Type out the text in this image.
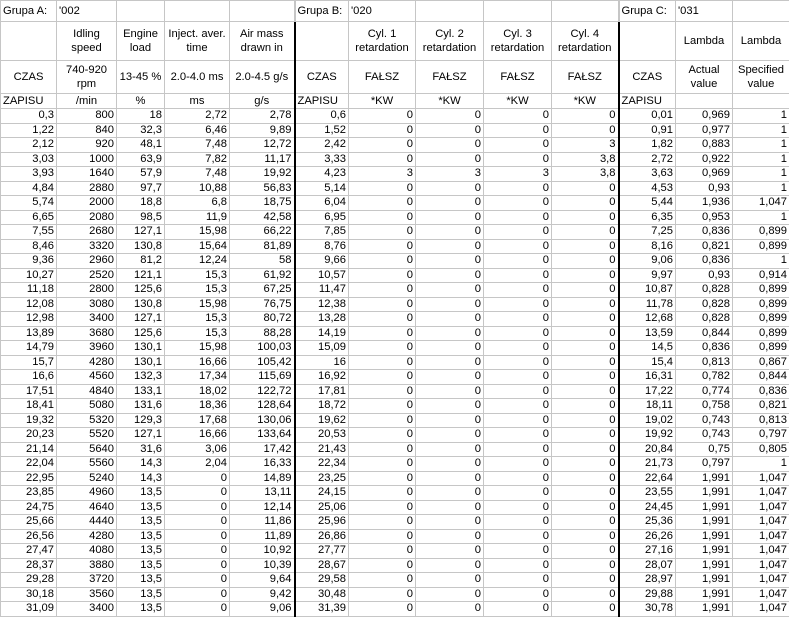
Grupa A:	'002				Grupa B:	'020				Grupa C:	'031	
	Idling speed	Engine load	Inject. aver. time	Air mass drawn in		Cyl. 1 retardation	Cyl. 2 retardation	Cyl. 3 retardation	Cyl. 4 retardation		Lambda	Lambda
CZAS	740-920 rpm	13-45 %	2.0-4.0 ms	2.0-4.5 g/s	CZAS	FAŁSZ	FAŁSZ	FAŁSZ	FAŁSZ	CZAS	Actual value	Specified value
ZAPISU	/min	%	ms	g/s	ZAPISU	*KW	*KW	*KW	*KW	ZAPISU		
0,3	800	18	2,72	2,78	0,6	0	0	0	0	0,01	0,969	1
1,22	840	32,3	6,46	9,89	1,52	0	0	0	0	0,91	0,977	1
2,12	920	48,1	7,48	12,72	2,42	0	0	0	3	1,82	0,883	1
3,03	1000	63,9	7,82	11,17	3,33	0	0	0	3,8	2,72	0,922	1
3,93	1640	57,9	7,48	19,92	4,23	3	3	3	3,8	3,63	0,969	1
4,84	2880	97,7	10,88	56,83	5,14	0	0	0	0	4,53	0,93	1
5,74	2000	18,8	6,8	18,75	6,04	0	0	0	0	5,44	1,936	1,047
6,65	2080	98,5	11,9	42,58	6,95	0	0	0	0	6,35	0,953	1
7,55	2680	127,1	15,98	66,22	7,85	0	0	0	0	7,25	0,836	0,899
8,46	3320	130,8	15,64	81,89	8,76	0	0	0	0	8,16	0,821	0,899
9,36	2960	81,2	12,24	58	9,66	0	0	0	0	9,06	0,836	1
10,27	2520	121,1	15,3	61,92	10,57	0	0	0	0	9,97	0,93	0,914
11,18	2800	125,6	15,3	67,25	11,47	0	0	0	0	10,87	0,828	0,899
12,08	3080	130,8	15,98	76,75	12,38	0	0	0	0	11,78	0,828	0,899
12,98	3400	127,1	15,3	80,72	13,28	0	0	0	0	12,68	0,828	0,899
13,89	3680	125,6	15,3	88,28	14,19	0	0	0	0	13,59	0,844	0,899
14,79	3960	130,1	15,98	100,03	15,09	0	0	0	0	14,5	0,836	0,899
15,7	4280	130,1	16,66	105,42	16	0	0	0	0	15,4	0,813	0,867
16,6	4560	132,3	17,34	115,69	16,92	0	0	0	0	16,31	0,782	0,844
17,51	4840	133,1	18,02	122,72	17,81	0	0	0	0	17,22	0,774	0,836
18,41	5080	131,6	18,36	128,64	18,72	0	0	0	0	18,11	0,758	0,821
19,32	5320	129,3	17,68	130,06	19,62	0	0	0	0	19,02	0,743	0,813
20,23	5520	127,1	16,66	133,64	20,53	0	0	0	0	19,92	0,743	0,797
21,14	5640	31,6	3,06	17,42	21,43	0	0	0	0	20,84	0,75	0,805
22,04	5560	14,3	2,04	16,33	22,34	0	0	0	0	21,73	0,797	1
22,95	5240	14,3	0	14,89	23,25	0	0	0	0	22,64	1,991	1,047
23,85	4960	13,5	0	13,11	24,15	0	0	0	0	23,55	1,991	1,047
24,75	4640	13,5	0	12,14	25,06	0	0	0	0	24,45	1,991	1,047
25,66	4440	13,5	0	11,86	25,96	0	0	0	0	25,36	1,991	1,047
26,56	4280	13,5	0	11,89	26,86	0	0	0	0	26,26	1,991	1,047
27,47	4080	13,5	0	10,92	27,77	0	0	0	0	27,16	1,991	1,047
28,37	3880	13,5	0	10,39	28,67	0	0	0	0	28,07	1,991	1,047
29,28	3720	13,5	0	9,64	29,58	0	0	0	0	28,97	1,991	1,047
30,18	3560	13,5	0	9,42	30,48	0	0	0	0	29,88	1,991	1,047
31,09	3400	13,5	0	9,06	31,39	0	0	0	0	30,78	1,991	1,047
